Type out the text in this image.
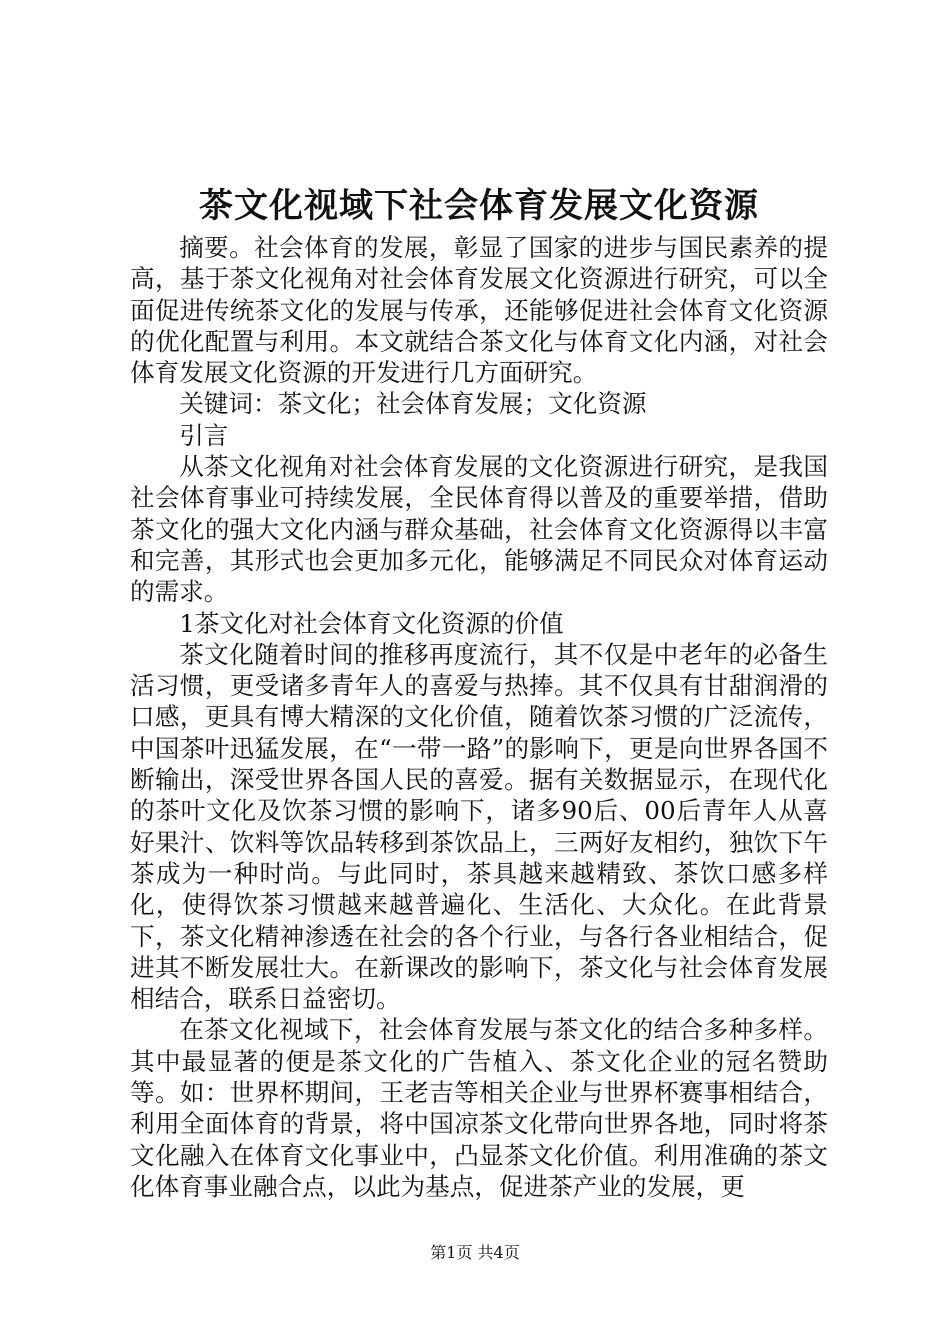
茶文化视域下社会体育发展文化资源

摘要。社会体育的发展，彰显了国家的进步与国民素养的提高，基于茶文化视角对社会体育发展文化资源进行研究，可以全面促进传统茶文化的发展与传承，还能够促进社会体育文化资源的优化配置与利用。本文就结合茶文化与体育文化内涵，对社会体育发展文化资源的开发进行几方面研究。

关键词：茶文化；社会体育发展；文化资源

引言

从茶文化视角对社会体育发展的文化资源进行研究，是我国社会体育事业可持续发展，全民体育得以普及的重要举措，借助茶文化的强大文化内涵与群众基础，社会体育文化资源得以丰富和完善，其形式也会更加多元化，能够满足不同民众对体育运动的需求。

1茶文化对社会体育文化资源的价值

茶文化随着时间的推移再度流行，其不仅是中老年的必备生活习惯，更受诸多青年人的喜爱与热捧。其不仅具有甘甜润滑的口感，更具有博大精深的文化价值，随着饮茶习惯的广泛流传，中国茶叶迅猛发展，在“一带一路”的影响下，更是向世界各国不断输出，深受世界各国人民的喜爱。据有关数据显示，在现代化的茶叶文化及饮茶习惯的影响下，诸多90后、00后青年人从喜好果汁、饮料等饮品转移到茶饮品上，三两好友相约，独饮下午茶成为一种时尚。与此同时，茶具越来越精致、茶饮口感多样化，使得饮茶习惯越来越普遍化、生活化、大众化。在此背景下，茶文化精神渗透在社会的各个行业，与各行各业相结合，促进其不断发展壮大。在新课改的影响下，茶文化与社会体育发展相结合，联系日益密切。

在茶文化视域下，社会体育发展与茶文化的结合多种多样。其中最显著的便是茶文化的广告植入、茶文化企业的冠名赞助等。如：世界杯期间，王老吉等相关企业与世界杯赛事相结合，利用全面体育的背景，将中国凉茶文化带向世界各地，同时将茶文化融入在体育文化事业中，凸显茶文化价值。利用准确的茶文化体育事业融合点，以此为基点，促进茶产业的发展，更

第1页 共4页
